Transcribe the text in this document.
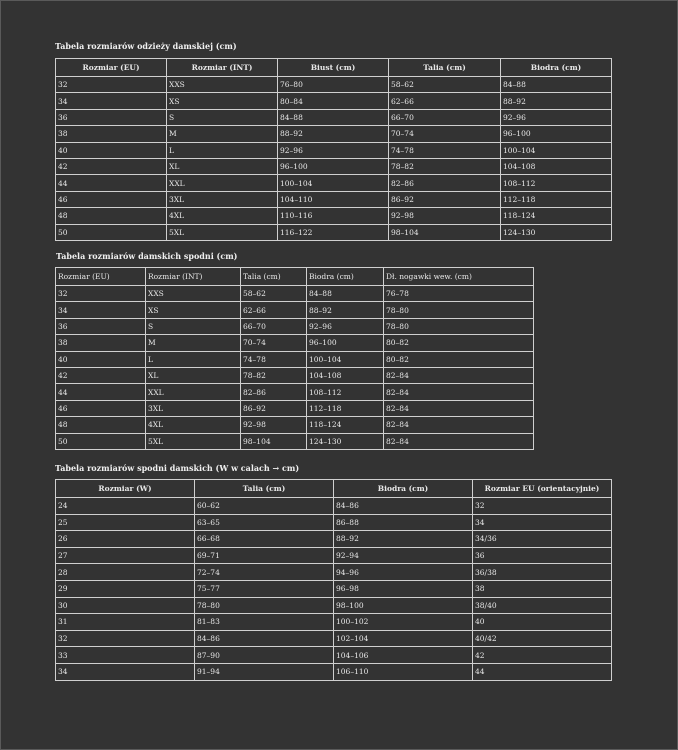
Tabela rozmiarów odzieży damskiej (cm)
Rozmiar (EU)	Rozmiar (INT)	Biust (cm)	Talia (cm)	Biodra (cm)
32	XXS	76–80	58–62	84–88
34	XS	80–84	62–66	88–92
36	S	84–88	66–70	92–96
38	M	88–92	70–74	96–100
40	L	92–96	74–78	100–104
42	XL	96–100	78–82	104–108
44	XXL	100–104	82–86	108–112
46	3XL	104–110	86–92	112–118
48	4XL	110–116	92–98	118–124
50	5XL	116–122	98–104	124–130
Tabela rozmiarów damskich spodni (cm)
Rozmiar (EU)	Rozmiar (INT)	Talia (cm)	Biodra (cm)	Dł. nogawki wew. (cm)
32	XXS	58–62	84–88	76–78
34	XS	62–66	88–92	78–80
36	S	66–70	92–96	78–80
38	M	70–74	96–100	80–82
40	L	74–78	100–104	80–82
42	XL	78–82	104–108	82–84
44	XXL	82–86	108–112	82–84
46	3XL	86–92	112–118	82–84
48	4XL	92–98	118–124	82–84
50	5XL	98–104	124–130	82–84
Tabela rozmiarów spodni damskich (W w calach → cm)
Rozmiar (W)	Talia (cm)	Biodra (cm)	Rozmiar EU (orientacyjnie)
24	60–62	84–86	32
25	63–65	86–88	34
26	66–68	88–92	34/36
27	69–71	92–94	36
28	72–74	94–96	36/38
29	75–77	96–98	38
30	78–80	98–100	38/40
31	81–83	100–102	40
32	84–86	102–104	40/42
33	87–90	104–106	42
34	91–94	106–110	44
